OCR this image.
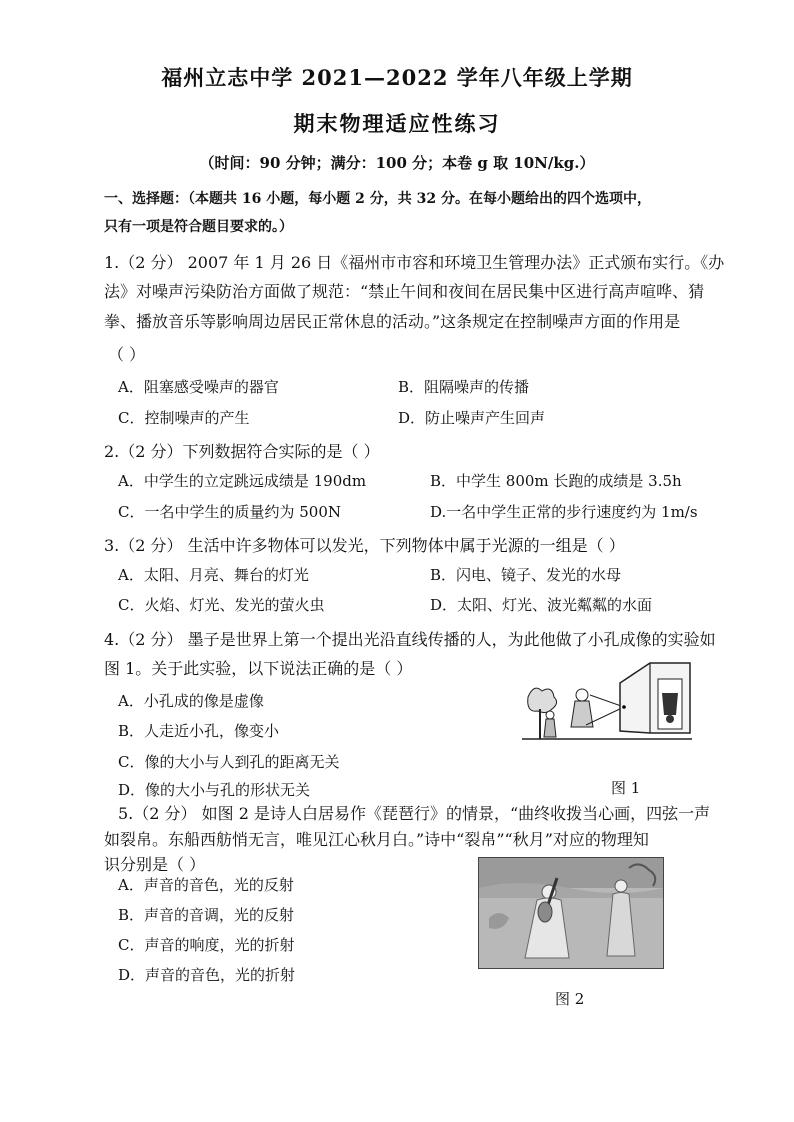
福州立志中学 2021—2022 学年八年级上学期
期末物理适应性练习
（时间：90 分钟；满分：100 分；本卷 g 取 10N/kg.）
一、选择题：（本题共 16 小题，每小题 2 分，共 32 分。在每小题给出的四个选项中，
只有一项是符合题目要求的。）
1.（2 分） 2007 年 1 月 26 日《福州市市容和环境卫生管理办法》正式颁布实行。《办
法》对噪声污染防治方面做了规范：“禁止午间和夜间在居民集中区进行高声喧哗、猜
拳、播放音乐等影响周边居民正常休息的活动。”这条规定在控制噪声方面的作用是
（ ）
A．阻塞感受噪声的器官	B．阻隔噪声的传播
C．控制噪声的产生	D．防止噪声产生回声
2.（2 分）下列数据符合实际的是（ ）
A．中学生的立定跳远成绩是 190dm	B．中学生 800m 长跑的成绩是 3.5h
C．一名中学生的质量约为 500N	D.一名中学生正常的步行速度约为 1m/s
3.（2 分） 生活中许多物体可以发光，下列物体中属于光源的一组是（ ）
A．太阳、月亮、舞台的灯光	B．闪电、镜子、发光的水母
C．火焰、灯光、发光的萤火虫	D．太阳、灯光、波光粼粼的水面
4.（2 分） 墨子是世界上第一个提出光沿直线传播的人，为此他做了小孔成像的实验如
图 1。关于此实验，以下说法正确的是（ ）
A．小孔成的像是虚像
B．人走近小孔，像变小
C．像的大小与人到孔的距离无关
D．像的大小与孔的形状无关	图 1
5.（2 分） 如图 2 是诗人白居易作《琵琶行》的情景，“曲终收拨当心画，四弦一声
如裂帛。东船西舫悄无言，唯见江心秋月白。”诗中“裂帛”“秋月”对应的物理知
识分别是（ ）
A．声音的音色，光的反射
B．声音的音调，光的反射
C．声音的响度，光的折射
D．声音的音色，光的折射
图 2
